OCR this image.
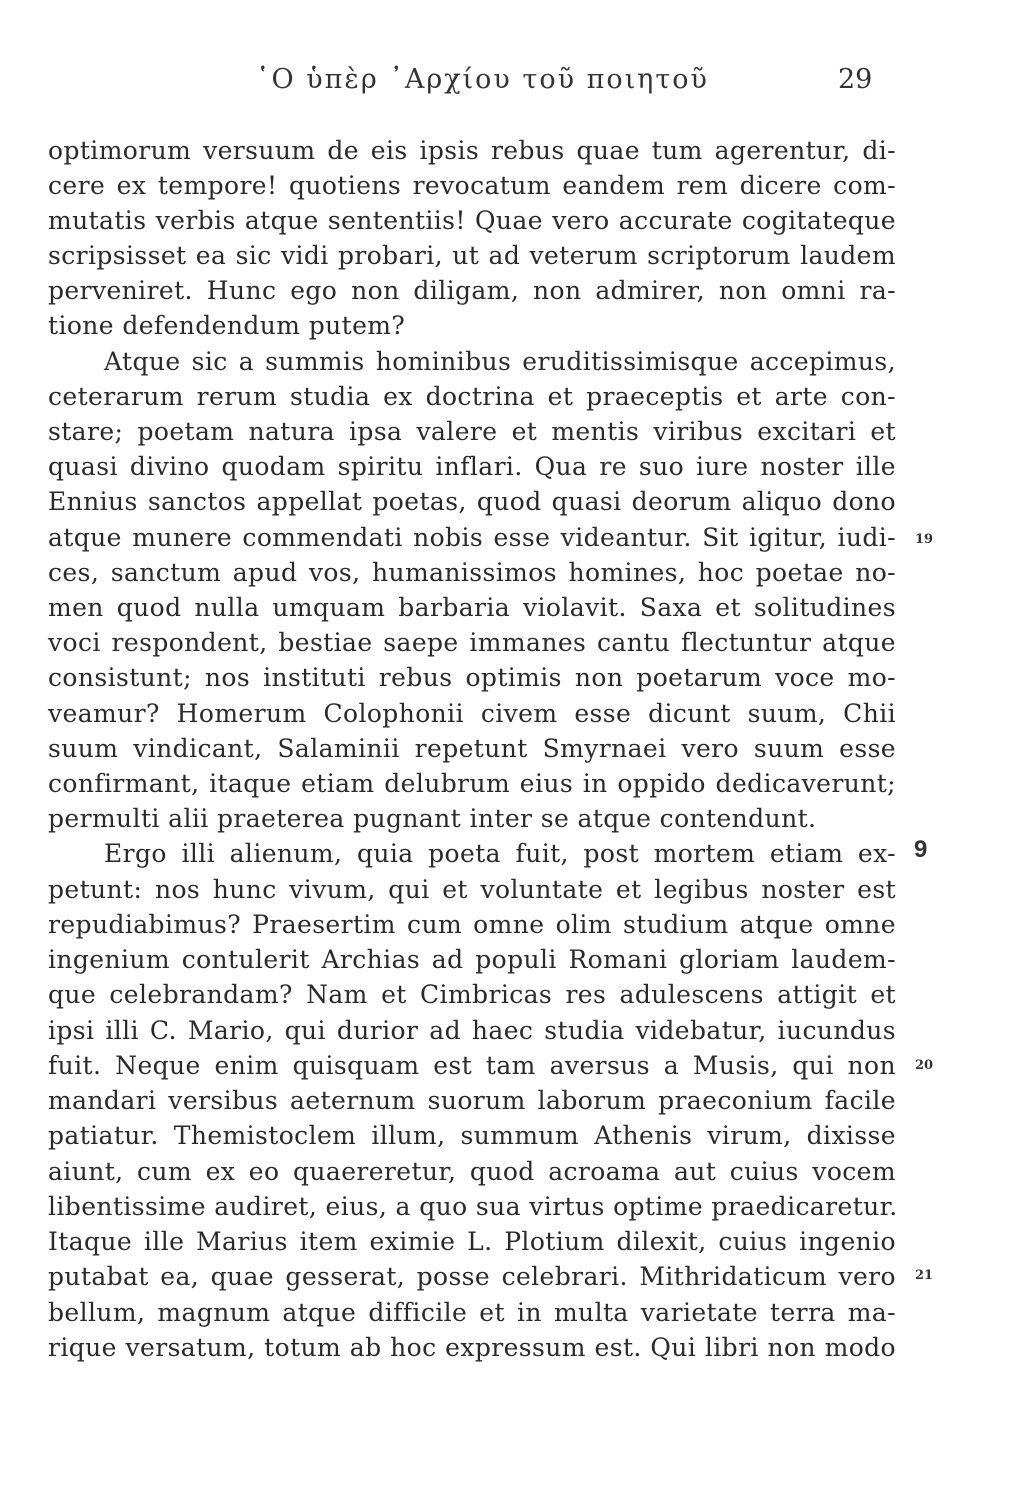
῾Ο ὑπὲρ ᾿Αρχίου τοῦ ποιητοῦ	29
optimorum versuum de eis ipsis rebus quae tum agerentur, di-
cere ex tempore! quotiens revocatum eandem rem dicere com-
mutatis verbis atque sententiis! Quae vero accurate cogitateque
scripsisset ea sic vidi probari, ut ad veterum scriptorum laudem
perveniret. Hunc ego non diligam, non admirer, non omni ra-
tione defendendum putem?
Atque sic a summis hominibus eruditissimisque accepimus,
ceterarum rerum studia ex doctrina et praeceptis et arte con-
stare; poetam natura ipsa valere et mentis viribus excitari et
quasi divino quodam spiritu inflari. Qua re suo iure noster ille
Ennius sanctos appellat poetas, quod quasi deorum aliquo dono
atque munere commendati nobis esse videantur. Sit igitur, iudi-
ces, sanctum apud vos, humanissimos homines, hoc poetae no-
men quod nulla umquam barbaria violavit. Saxa et solitudines
voci respondent, bestiae saepe immanes cantu flectuntur atque
consistunt; nos instituti rebus optimis non poetarum voce mo-
veamur? Homerum Colophonii civem esse dicunt suum, Chii
suum vindicant, Salaminii repetunt Smyrnaei vero suum esse
confirmant, itaque etiam delubrum eius in oppido dedicaverunt;
permulti alii praeterea pugnant inter se atque contendunt.
Ergo illi alienum, quia poeta fuit, post mortem etiam ex-
petunt: nos hunc vivum, qui et voluntate et legibus noster est
repudiabimus? Praesertim cum omne olim studium atque omne
ingenium contulerit Archias ad populi Romani gloriam laudem-
que celebrandam? Nam et Cimbricas res adulescens attigit et
ipsi illi C. Mario, qui durior ad haec studia videbatur, iucundus
fuit. Neque enim quisquam est tam aversus a Musis, qui non
mandari versibus aeternum suorum laborum praeconium facile
patiatur. Themistoclem illum, summum Athenis virum, dixisse
aiunt, cum ex eo quaereretur, quod acroama aut cuius vocem
libentissime audiret, eius, a quo sua virtus optime praedicaretur.
Itaque ille Marius item eximie L. Plotium dilexit, cuius ingenio
putabat ea, quae gesserat, posse celebrari. Mithridaticum vero
bellum, magnum atque difficile et in multa varietate terra ma-
rique versatum, totum ab hoc expressum est. Qui libri non modo
19
9
20
21
